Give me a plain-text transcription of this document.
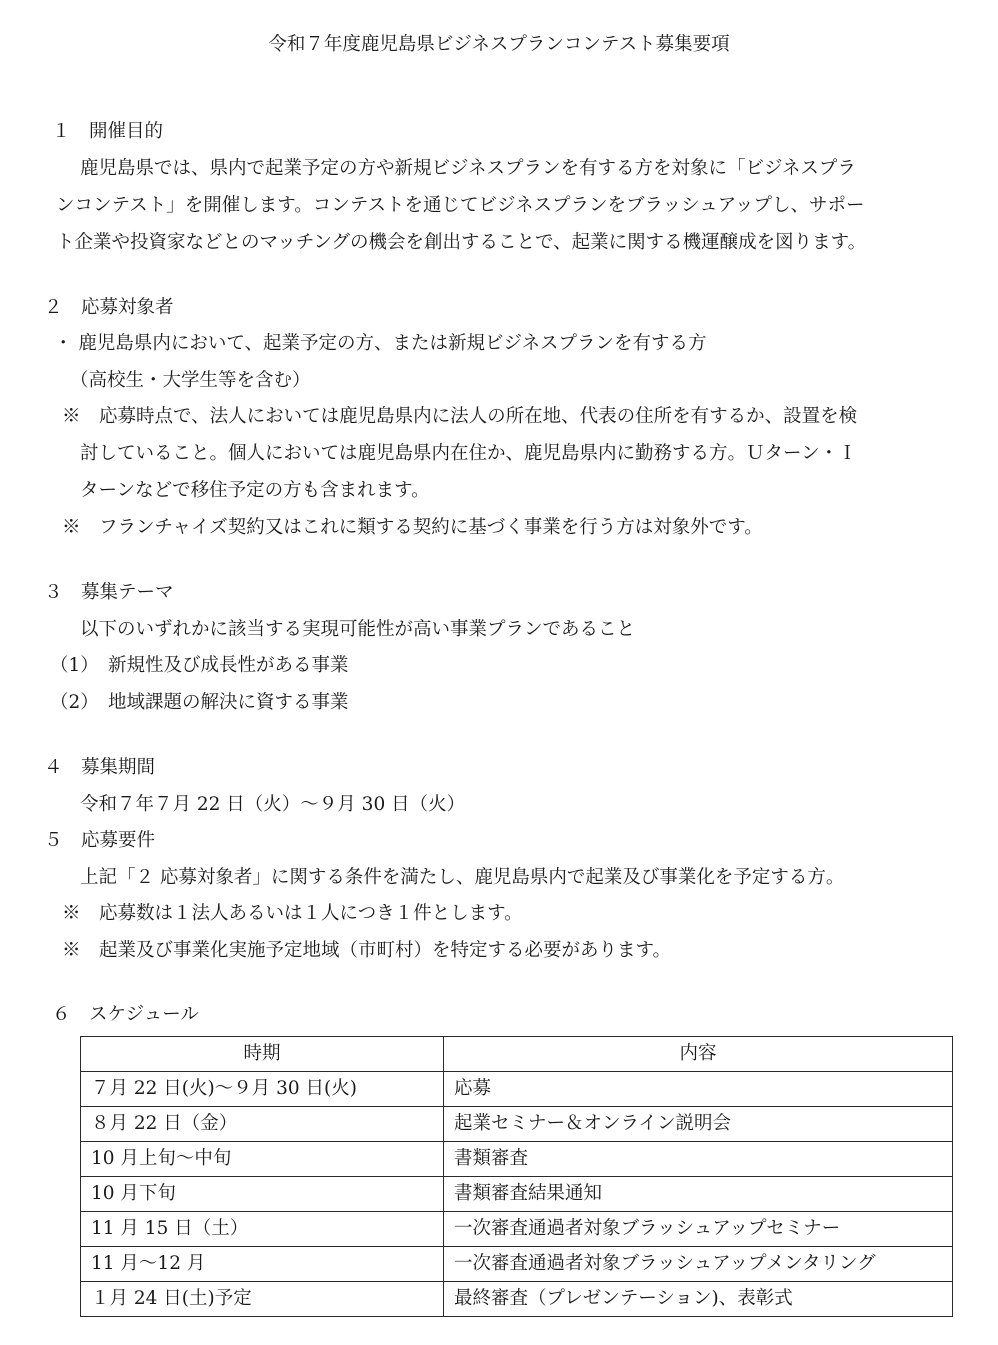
令和７年度鹿児島県ビジネスプランコンテスト募集要項
１　開催目的
鹿児島県では、県内で起業予定の方や新規ビジネスプランを有する方を対象に「ビジネスプラ
ンコンテスト」を開催します。コンテストを通じてビジネスプランをブラッシュアップし、サポー
ト企業や投資家などとのマッチングの機会を創出することで、起業に関する機運醸成を図ります。
２　応募対象者
・ 鹿児島県内において、起業予定の方、または新規ビジネスプランを有する方
（高校生・大学生等を含む）
※　応募時点で、法人においては鹿児島県内に法人の所在地、代表の住所を有するか、設置を検
討していること。個人においては鹿児島県内在住か、鹿児島県内に勤務する方。Ｕターン・Ｉ
ターンなどで移住予定の方も含まれます。
※　フランチャイズ契約又はこれに類する契約に基づく事業を行う方は対象外です。
３　募集テーマ
以下のいずれかに該当する実現可能性が高い事業プランであること
（1）　新規性及び成長性がある事業
（2）　地域課題の解決に資する事業
４　募集期間
令和７年７月 22 日（火）～９月 30 日（火）
５　応募要件
上記「２ 応募対象者」に関する条件を満たし、鹿児島県内で起業及び事業化を予定する方。
※　応募数は１法人あるいは１人につき１件とします。
※　起業及び事業化実施予定地域（市町村）を特定する必要があります。
６　スケジュール
時期	内容
７月 22 日(火)～９月 30 日(火)	応募
８月 22 日（金）	起業セミナー＆オンライン説明会
10 月上旬～中旬	書類審査
10 月下旬	書類審査結果通知
11 月 15 日（土）	一次審査通過者対象ブラッシュアップセミナー
11 月～12 月	一次審査通過者対象ブラッシュアップメンタリング
１月 24 日(土)予定	最終審査（プレゼンテーション)、表彰式
